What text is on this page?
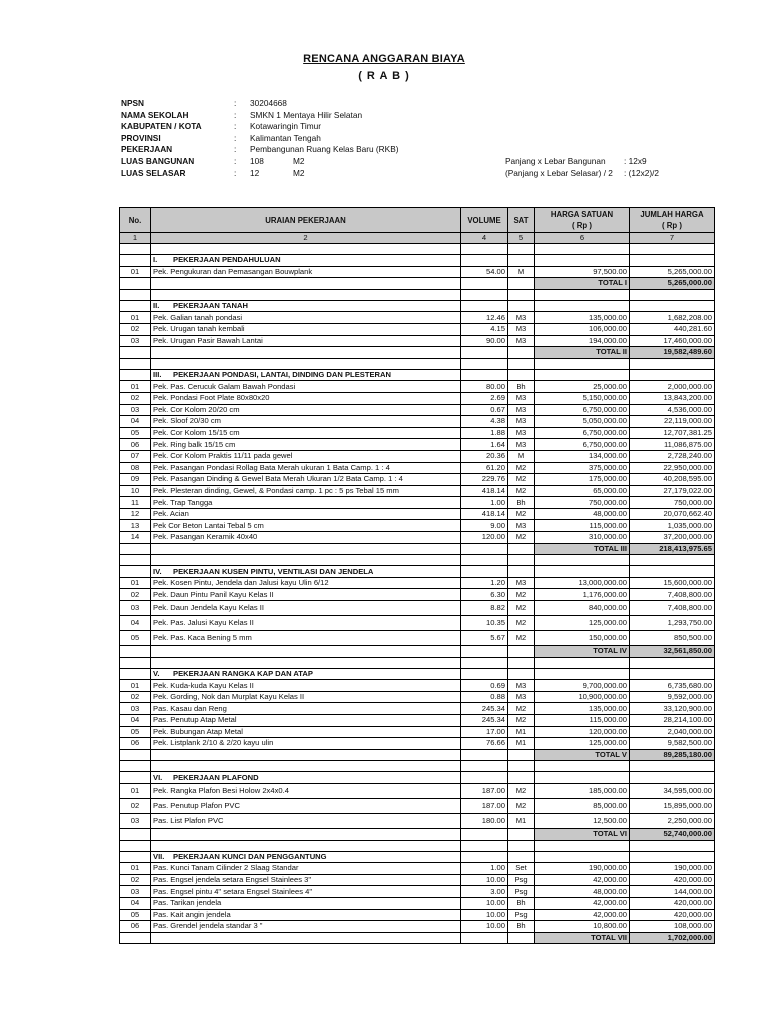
RENCANA ANGGARAN BIAYA
( R A B )
NPSN	: 30204668
NAMA SEKOLAH	: SMKN 1 Mentaya Hilir Selatan
KABUPATEN / KOTA	: Kotawaringin Timur
PROVINSI	: Kalimantan Tengah
PEKERJAAN	: Pembangunan Ruang Kelas Baru (RKB)
LUAS BANGUNAN	: 108	M2	Panjang x Lebar Bangunan : 12x9
LUAS SELASAR	: 12	M2	(Panjang x Lebar Selasar) / 2 : (12x2)/2
No.	URAIAN PEKERJAAN	VOLUME	SAT	HARGA SATUAN
( Rp )	JUMLAH HARGA
( Rp )
1	2	4	5	6	7

	I. PEKERJAAN PENDAHULUAN				
01	Pek. Pengukuran dan Pemasangan Bouwplank	54.00	M	97,500.00	5,265,000.00
				TOTAL I	5,265,000.00

	II. PEKERJAAN TANAH				
01	Pek. Galian tanah pondasi	12.46	M3	135,000.00	1,682,208.00
02	Pek. Urugan tanah kembali	4.15	M3	106,000.00	440,281.60
03	Pek. Urugan Pasir Bawah Lantai	90.00	M3	194,000.00	17,460,000.00
				TOTAL II	19,582,489.60

	III. PEKERJAAN PONDASI, LANTAI, DINDING DAN PLESTERAN				
01	Pek. Pas. Cerucuk Galam Bawah Pondasi	80.00	Bh	25,000.00	2,000,000.00
02	Pek. Pondasi Foot Plate 80x80x20	2.69	M3	5,150,000.00	13,843,200.00
03	Pek. Cor Kolom 20/20 cm	0.67	M3	6,750,000.00	4,536,000.00
04	Pek. Sloof 20/30 cm	4.38	M3	5,050,000.00	22,119,000.00
05	Pek. Cor Kolom 15/15 cm	1.88	M3	6,750,000.00	12,707,381.25
06	Pek. Ring balk 15/15 cm	1.64	M3	6,750,000.00	11,086,875.00
07	Pek. Cor Kolom Praktis 11/11 pada gewel	20.36	M	134,000.00	2,728,240.00
08	Pek. Pasangan Pondasi Rollag Bata Merah ukuran 1 Bata Camp. 1 : 4	61.20	M2	375,000.00	22,950,000.00
09	Pek. Pasangan Dinding & Gewel Bata Merah Ukuran 1/2 Bata Camp. 1 : 4	229.76	M2	175,000.00	40,208,595.00
10	Pek. Plesteran dinding, Gewel, & Pondasi camp. 1 pc : 5 ps Tebal 15 mm	418.14	M2	65,000.00	27,179,022.00
11	Pek. Trap Tangga	1.00	Bh	750,000.00	750,000.00
12	Pek. Acian	418.14	M2	48,000.00	20,070,662.40
13	Pek Cor Beton Lantai Tebal 5 cm	9.00	M3	115,000.00	1,035,000.00
14	Pek. Pasangan Keramik 40x40	120.00	M2	310,000.00	37,200,000.00
				TOTAL III	218,413,975.65

	IV. PEKERJAAN KUSEN PINTU, VENTILASI DAN JENDELA				
01	Pek. Kosen Pintu, Jendela dan Jalusi kayu Ulin 6/12	1.20	M3	13,000,000.00	15,600,000.00
02	Pek. Daun Pintu Panil Kayu Kelas II	6.30	M2	1,176,000.00	7,408,800.00
03	Pek. Daun Jendela Kayu Kelas II	8.82	M2	840,000.00	7,408,800.00
04	Pek. Pas. Jalusi Kayu Kelas II	10.35	M2	125,000.00	1,293,750.00
05	Pek. Pas. Kaca Bening 5 mm	5.67	M2	150,000.00	850,500.00
				TOTAL IV	32,561,850.00

	V. PEKERJAAN RANGKA KAP DAN ATAP				
01	Pek. Kuda-kuda Kayu Kelas II	0.69	M3	9,700,000.00	6,735,680.00
02	Pek. Gording, Nok dan Murplat Kayu Kelas II	0.88	M3	10,900,000.00	9,592,000.00
03	Pas. Kasau dan Reng	245.34	M2	135,000.00	33,120,900.00
04	Pas. Penutup Atap Metal	245.34	M2	115,000.00	28,214,100.00
05	Pek. Bubungan Atap Metal	17.00	M1	120,000.00	2,040,000.00
06	Pek. Listplank 2/10 & 2/20 kayu ulin	76.66	M1	125,000.00	9,582,500.00
				TOTAL V	89,285,180.00

	VI. PEKERJAAN PLAFOND				
01	Pek. Rangka Plafon Besi Holow 2x4x0.4	187.00	M2	185,000.00	34,595,000.00
02	Pas. Penutup Plafon PVC	187.00	M2	85,000.00	15,895,000.00
03	Pas. List Plafon PVC	180.00	M1	12,500.00	2,250,000.00
				TOTAL VI	52,740,000.00

	VII. PEKERJAAN KUNCI DAN PENGGANTUNG				
01	Pas. Kunci Tanam Cilinder 2 Slaag Standar	1.00	Set	190,000.00	190,000.00
02	Pas. Engsel jendela setara Engsel Stainlees 3"	10.00	Psg	42,000.00	420,000.00
03	Pas. Engsel pintu 4" setara Engsel Stainlees 4"	3.00	Psg	48,000.00	144,000.00
04	Pas. Tarikan jendela	10.00	Bh	42,000.00	420,000.00
05	Pas. Kait angin jendela	10.00	Psg	42,000.00	420,000.00
06	Pas. Grendel jendela standar 3 "	10.00	Bh	10,800.00	108,000.00
				TOTAL VII	1,702,000.00
